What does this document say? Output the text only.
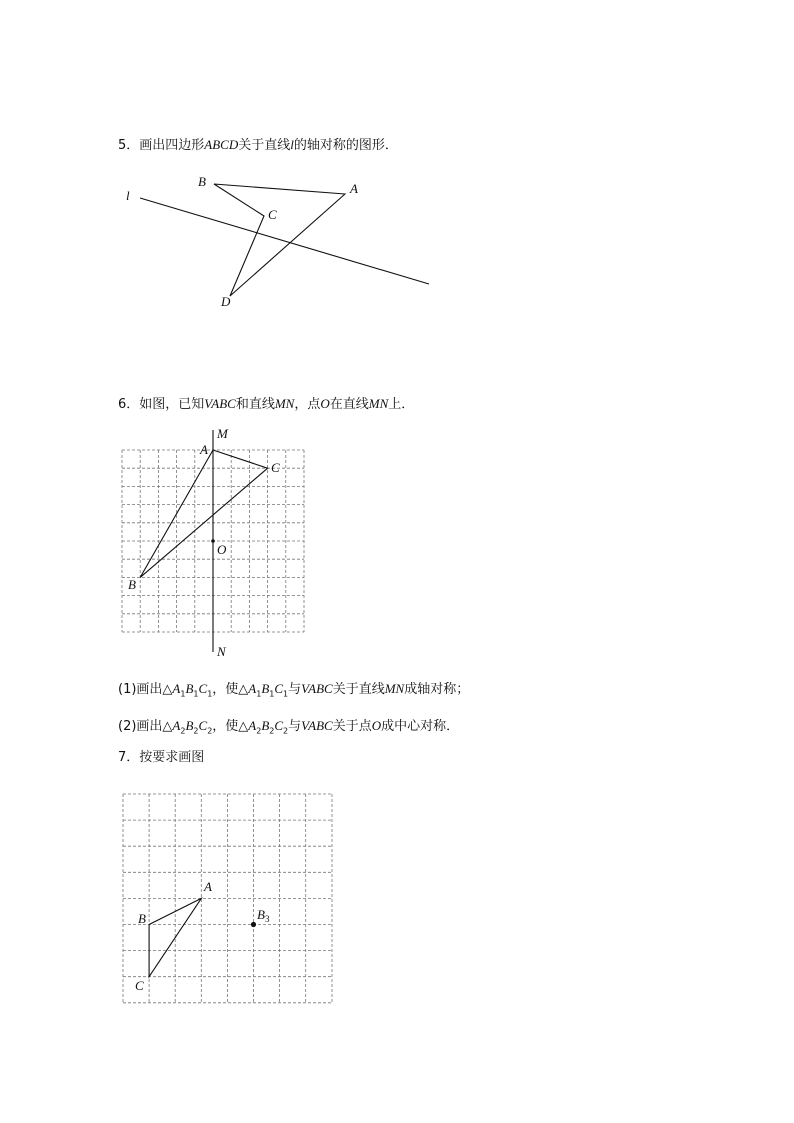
5．画出四边形ABCD关于直线l的轴对称的图形．
l	A
B
C
D
6．如图，已知VABC和直线MN，点O在直线MN上．
M
N
A
C
B
O
(1)画出$\triangle A_1B_1C_1$，使$\triangle A_1B_1C_1$与VABC关于直线MN成轴对称；
(2)画出$\triangle A_2B_2C_2$，使$\triangle A_2B_2C_2$与VABC关于点O成中心对称．
7．按要求画图
A
B
C
$B_3$
